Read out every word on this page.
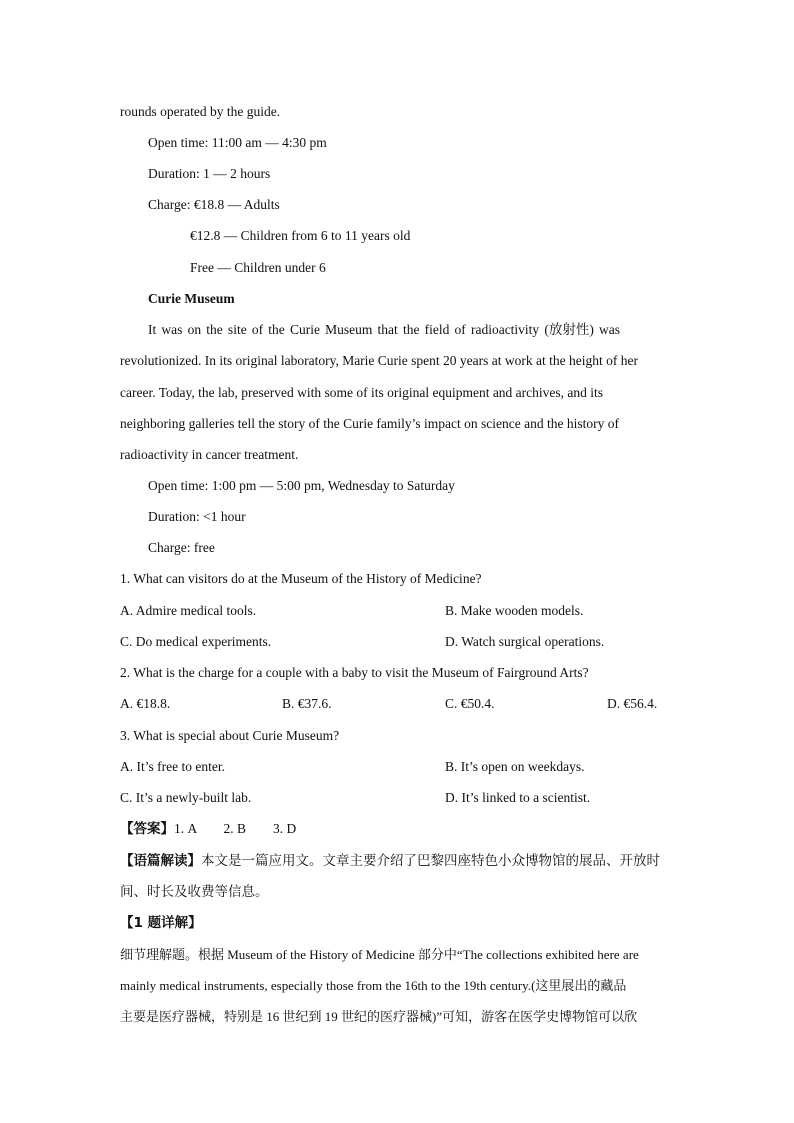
rounds operated by the guide.
Open time: 11:00 am — 4:30 pm
Duration: 1 — 2 hours
Charge: €18.8 — Adults
€12.8 — Children from 6 to 11 years old
Free — Children under 6
Curie Museum
It was on the site of the Curie Museum that the field of radioactivity (放射性) was
revolutionized. In its original laboratory, Marie Curie spent 20 years at work at the height of her
career. Today, the lab, preserved with some of its original equipment and archives, and its
neighboring galleries tell the story of the Curie family’s impact on science and the history of
radioactivity in cancer treatment.
Open time: 1:00 pm — 5:00 pm, Wednesday to Saturday
Duration: <1 hour
Charge: free
1. What can visitors do at the Museum of the History of Medicine?
A. Admire medical tools.	B. Make wooden models.
C. Do medical experiments.	D. Watch surgical operations.
2. What is the charge for a couple with a baby to visit the Museum of Fairground Arts?
A. €18.8.	B. €37.6.	C. €50.4.	D. €56.4.
3. What is special about Curie Museum?
A. It’s free to enter.	B. It’s open on weekdays.
C. It’s a newly-built lab.	D. It’s linked to a scientist.
【答案】1. A        2. B        3. D
【语篇解读】本文是一篇应用文。文章主要介绍了巴黎四座特色小众博物馆的展品、开放时
间、时长及收费等信息。
【1 题详解】
细节理解题。根据 Museum of the History of Medicine 部分中“The collections exhibited here are
mainly medical instruments, especially those from the 16th to the 19th century.(这里展出的藏品
主要是医疗器械，特别是 16 世纪到 19 世纪的医疗器械)”可知，游客在医学史博物馆可以欣
